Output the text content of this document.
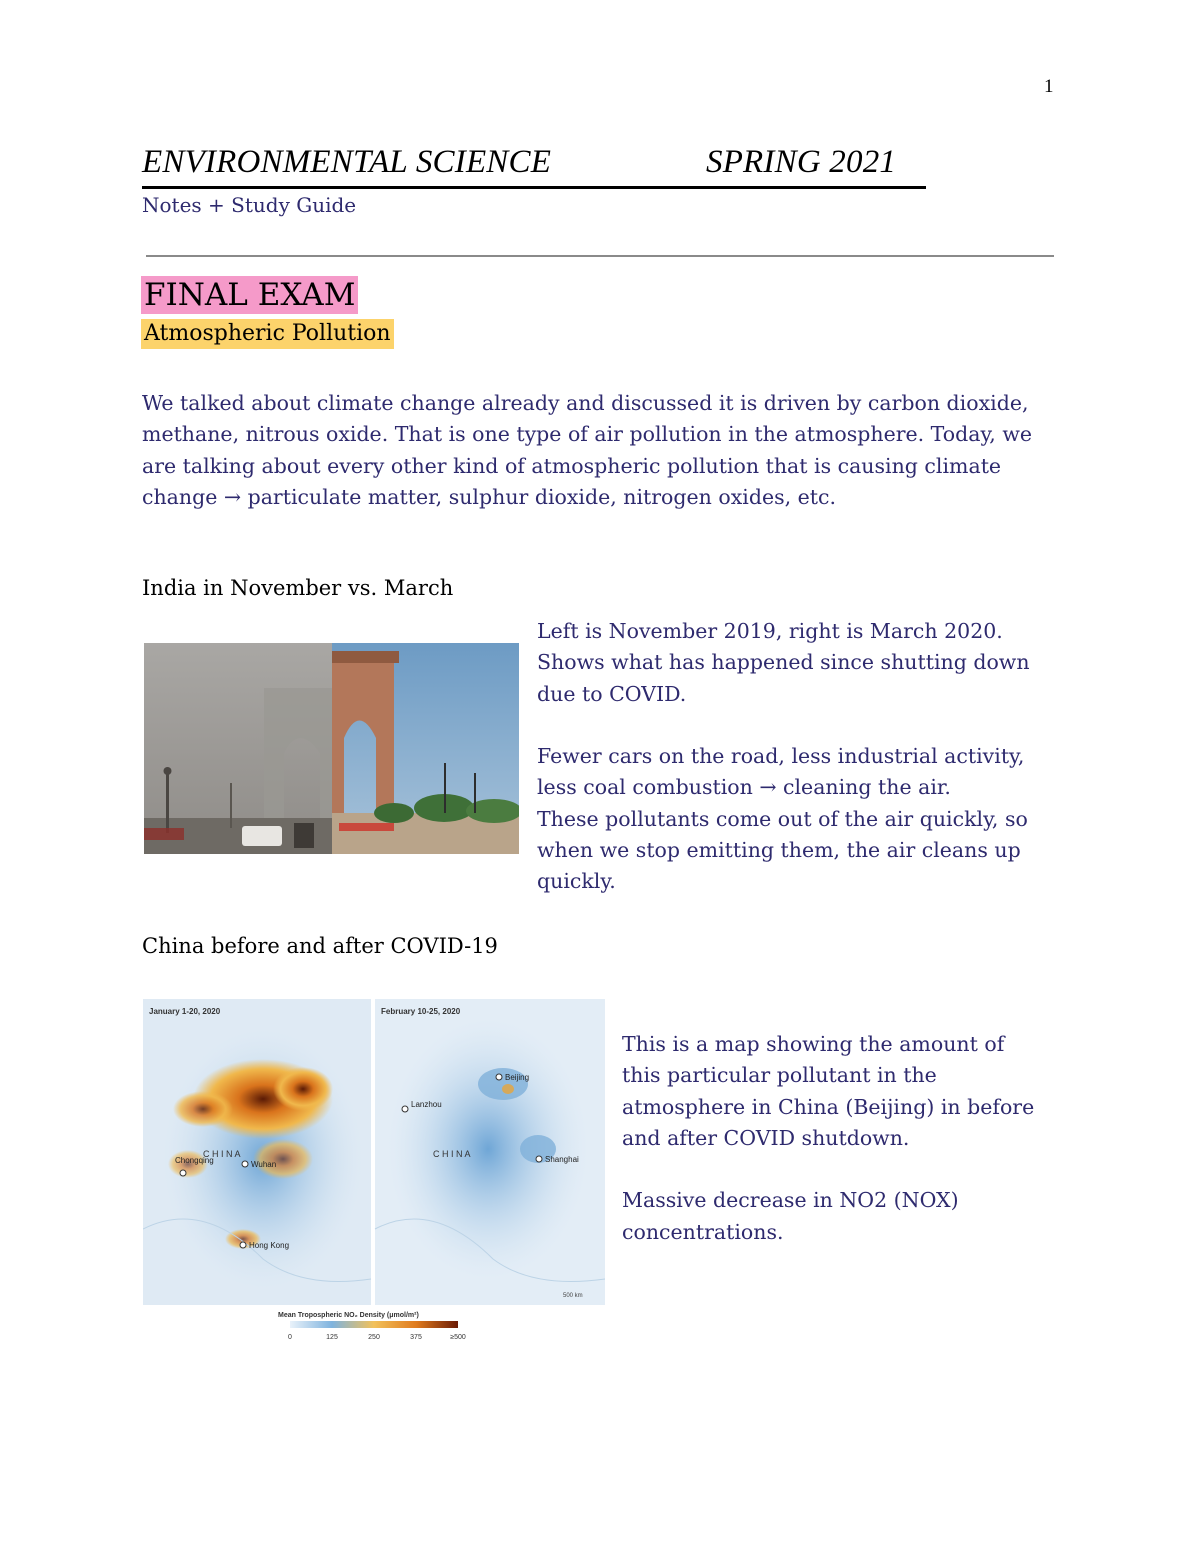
1
ENVIRONMENTAL SCIENCE	SPRING 2021
Notes + Study Guide
FINAL EXAM
Atmospheric Pollution
We talked about climate change already and discussed it is driven by carbon dioxide,
methane, nitrous oxide. That is one type of air pollution in the atmosphere. Today, we
are talking about every other kind of atmospheric pollution that is causing climate
change → particulate matter, sulphur dioxide, nitrogen oxides, etc.
India in November vs. March
Left is November 2019, right is March 2020.
Shows what has happened since shutting down
due to COVID.
Fewer cars on the road, less industrial activity,
less coal combustion → cleaning the air.
These pollutants come out of the air quickly, so
when we stop emitting them, the air cleans up
quickly.
China before and after COVID-19
January 1-20, 2020
C H I N A
Wuhan
Chongqing
Hong Kong
February 10-25, 2020
C H I N A
Beijing
Lanzhou
Shanghai
500 km
Mean Tropospheric NO₂ Density (μmol/m²)
0	125	250	375	≥500
This is a map showing the amount of
this particular pollutant in the
atmosphere in China (Beijing) in before
and after COVID shutdown.
Massive decrease in NO2 (NOX)
concentrations.
